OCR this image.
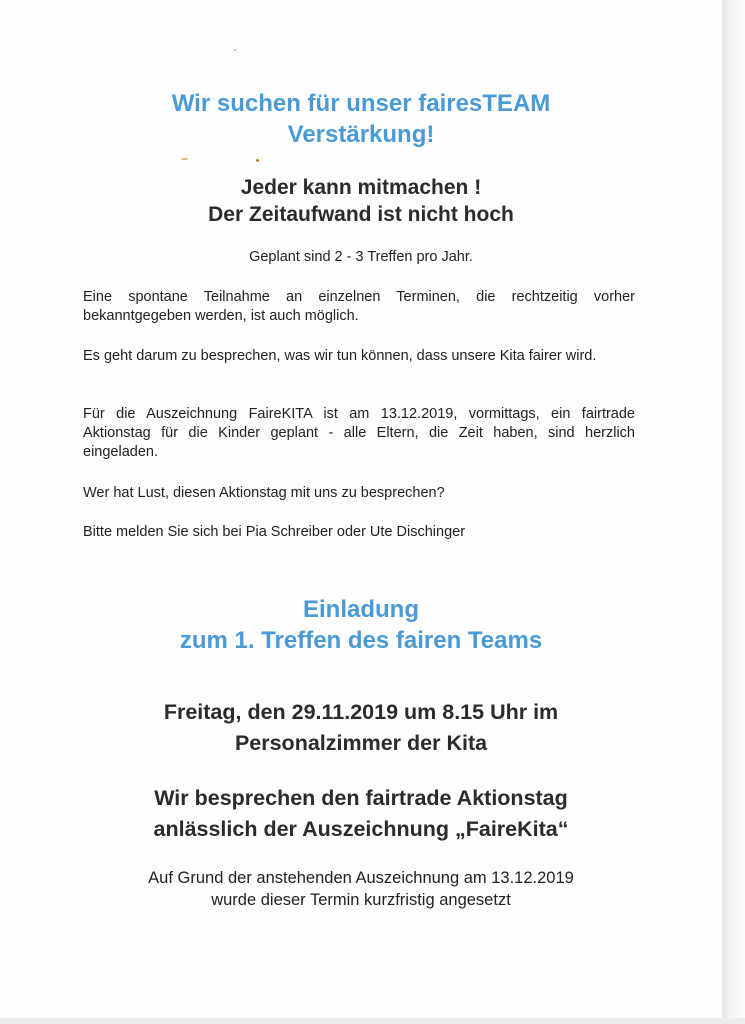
Wir suchen für unser fairesTEAM
Verstärkung!
Jeder kann mitmachen !
Der Zeitaufwand ist nicht hoch

Geplant sind 2 - 3 Treffen pro Jahr.

Eine spontane Teilnahme an einzelnen Terminen, die rechtzeitig vorher bekanntgegeben werden, ist auch möglich.

Es geht darum zu besprechen, was wir tun können, dass unsere Kita fairer wird.

Für die Auszeichnung FaireKITA ist am 13.12.2019, vormittags, ein fairtrade Aktionstag für die Kinder geplant - alle Eltern, die Zeit haben, sind herzlich eingeladen.

Wer hat Lust, diesen Aktionstag mit uns zu besprechen?

Bitte melden Sie sich bei Pia Schreiber oder Ute Dischinger

Einladung
zum 1. Treffen des fairen Teams
Freitag, den 29.11.2019 um 8.15 Uhr im
Personalzimmer der Kita
Wir besprechen den fairtrade Aktionstag
anlässlich der Auszeichnung „FaireKita“

Auf Grund der anstehenden Auszeichnung am 13.12.2019
wurde dieser Termin kurzfristig angesetzt
